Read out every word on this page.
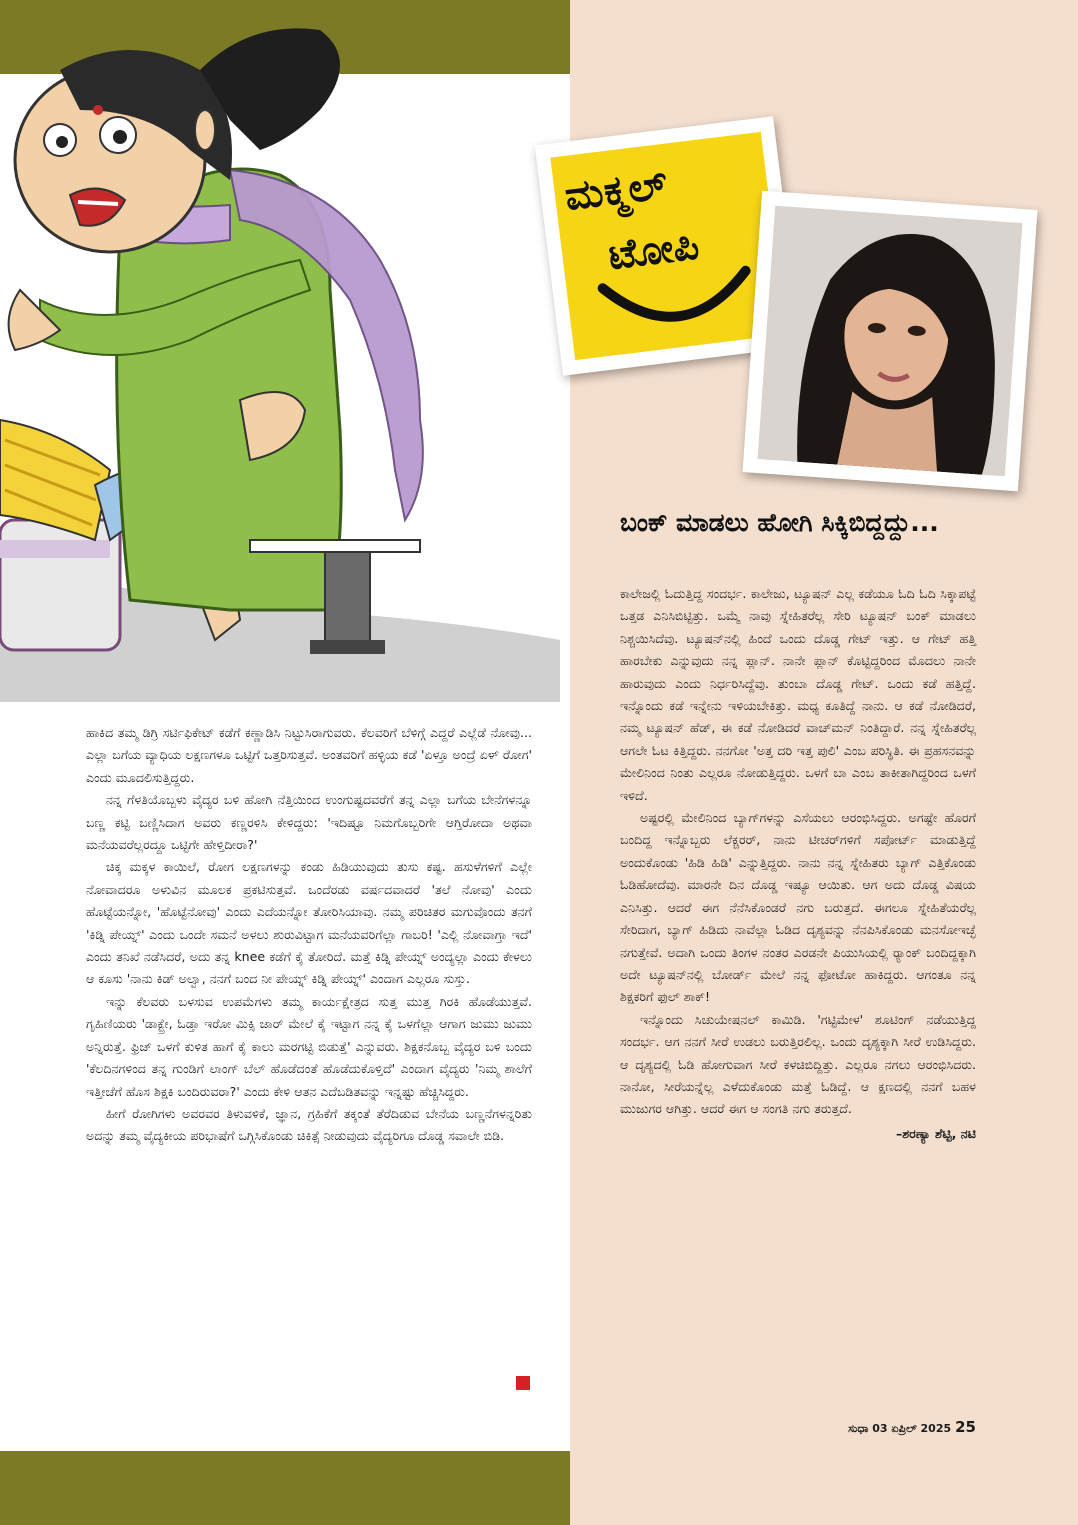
ಹಾಕಿದ ತಮ್ಮ ಡಿಗ್ರಿ ಸರ್ಟಿಫಿಕೇಟ್ ಕಡೆಗೆ ಕಣ್ಣಾಡಿಸಿ ನಿಟ್ಟುಸಿರಾಗುವರು. ಕೆಲವರಿಗೆ ಬೆಳಿಗ್ಗೆ ಎದ್ದರೆ ಎಲ್ಲೆಡೆ ನೋವು... ಎಲ್ಲಾ ಬಗೆಯ ವ್ಯಾಧಿಯ ಲಕ್ಷಣಗಳೂ ಒಟ್ಟಿಗೆ ಒತ್ತರಿಸುತ್ತವೆ. ಅಂತವರಿಗೆ ಹಳ್ಳಿಯ ಕಡೆ 'ಏಳ್ತೂ ಅಂದ್ರೆ ಏಳ್ ರೋಗ' ಎಂದು ಮೂದಲಿಸುತ್ತಿದ್ದರು.

ನನ್ನ ಗೆಳತಿಯೊಬ್ಬಳು ವೈದ್ಯರ ಬಳಿ ಹೋಗಿ ನೆತ್ತಿಯಿಂದ ಉಂಗುಷ್ಟದವರೆಗೆ ತನ್ನ ಎಲ್ಲಾ ಬಗೆಯ ಬೇನೆಗಳನ್ನೂ ಬಣ್ಣ ಕಟ್ಟಿ ಬಣ್ಣಿಸಿದಾಗ ಅವರು ಕಣ್ಣರಳಿಸಿ ಕೇಳಿದ್ದರು: 'ಇದಿಷ್ಟೂ ನಿಮಗೊಬ್ಬರಿಗೇ ಆಗ್ತಿರೋದಾ ಅಥವಾ ಮನೆಯವರೆಲ್ಲರದ್ದೂ ಒಟ್ಟಿಗೇ ಹೇಳ್ತಿದೀರಾ?'

ಚಿಕ್ಕ ಮಕ್ಕಳ ಕಾಯಿಲೆ, ರೋಗ ಲಕ್ಷಣಗಳನ್ನು ಕಂಡು ಹಿಡಿಯುವುದು ತುಸು ಕಷ್ಟ. ಹಸುಳೆಗಳಿಗೆ ಎಲ್ಲೇ ನೋವಾದರೂ ಅಳುವಿನ ಮೂಲಕ ಪ್ರಕಟಿಸುತ್ತವೆ. ಒಂದೆರಡು ವರ್ಷದವಾದರೆ 'ತಲೆ ನೋವು' ಎಂದು ಹೊಟ್ಟೆಯನ್ನೋ, 'ಹೊಟ್ಟೆನೋವು' ಎಂದು ಎದೆಯನ್ನೋ ತೋರಿಸಿಯಾವು. ನಮ್ಮ ಪರಿಚಿತರ ಮಗುವೊಂದು ತನಗೆ 'ಕಿಡ್ನಿ ಪೇಯ್ನ್' ಎಂದು ಒಂದೇ ಸಮನೆ ಅಳಲು ಶುರುವಿಟ್ಟಾಗ ಮನೆಯವರಿಗೆಲ್ಲಾ ಗಾಬರಿ! 'ಎಲ್ಲಿ ನೋವಾಗ್ತಾ ಇದೆ' ಎಂದು ತನಿಖೆ ನಡೆಸಿದರೆ, ಅದು ತನ್ನ knee ಕಡೆಗೆ ಕೈ ತೋರಿದೆ. ಮತ್ತೆ ಕಿಡ್ನಿ ಪೇಯ್ನ್ ಅಂದ್ಯಲ್ಲಾ ಎಂದು ಕೇಳಲು ಆ ಕೂಸು 'ನಾನು ಕಿಡ್ ಅಲ್ವಾ, ನನಗೆ ಬಂದ ನೀ ಪೇಯ್ನ್ ಕಿಡ್ನಿ ಪೇಯ್ನ್' ಎಂದಾಗ ಎಲ್ಲರೂ ಸುಸ್ತು.

ಇನ್ನು ಕೆಲವರು ಬಳಸುವ ಉಪಮೆಗಳು ತಮ್ಮ ಕಾರ್ಯಕ್ಷೇತ್ರದ ಸುತ್ತ ಮುತ್ತ ಗಿರಕಿ ಹೊಡೆಯುತ್ತವೆ. ಗೃಹಿಣಿಯರು 'ಡಾಕ್ಟ್ರೇ, ಓಡ್ತಾ ಇರೋ ಮಿಕ್ಸಿ ಜಾರ್ ಮೇಲೆ ಕೈ ಇಟ್ಟಾಗ ನನ್ನ ಕೈ ಒಳಗೆಲ್ಲಾ ಆಗಾಗ ಜುಮು ಜುಮು ಅನ್ನಿರುತ್ತೆ. ಫ್ರಿಜ್ ಒಳಗೆ ಕುಳಿತ ಹಾಗೆ ಕೈ ಕಾಲು ಮರಗಟ್ಟಿ ಬಿಡುತ್ತೆ' ಎನ್ನುವರು. ಶಿಕ್ಷಕನೊಬ್ಬ ವೈದ್ಯರ ಬಳಿ ಬಂದು 'ಕೆಲದಿನಗಳಿಂದ ತನ್ನ ಗುಂಡಿಗೆ ಲಾಂಗ್ ಬೆಲ್ ಹೊಡೆದಂತೆ ಹೊಡೆದುಕೊಳ್ತಿದೆ' ಎಂದಾಗ ವೈದ್ಯರು 'ನಿಮ್ಮ ಶಾಲೆಗೆ ಇತ್ತೀಚೆಗೆ ಹೊಸ ಶಿಕ್ಷಕಿ ಬಂದಿರುವರಾ?' ಎಂದು ಕೇಳಿ ಆತನ ಎದೆಬಡಿತವನ್ನು ಇನ್ನಷ್ಟು ಹೆಚ್ಚಿಸಿದ್ದರು.

ಹೀಗೆ ರೋಗಿಗಳು ಅವರವರ ತಿಳುವಳಿಕೆ, ಜ್ಞಾನ, ಗ್ರಹಿಕೆಗೆ ತಕ್ಕಂತೆ ತೆರೆದಿಡುವ ಬೇನೆಯ ಬಣ್ಣನೆಗಳನ್ನರಿತು ಅದನ್ನು ತಮ್ಮ ವೈದ್ಯಕೀಯ ಪರಿಭಾಷೆಗೆ ಒಗ್ಗಿಸಿಕೊಂಡು ಚಿಕಿತ್ಸೆ ನೀಡುವುದು ವೈದ್ಯರಿಗೂ ದೊಡ್ಡ ಸವಾಲೇ ಬಿಡಿ.

ಮಕ್ಮಲ್
ಟೋಪಿ
ಬಂಕ್ ಮಾಡಲು ಹೋಗಿ ಸಿಕ್ಕಿಬಿದ್ದದ್ದು...

ಕಾಲೇಜಲ್ಲಿ ಓದುತ್ತಿದ್ದ ಸಂದರ್ಭ. ಕಾಲೇಜು, ಟ್ಯೂಷನ್ ಎಲ್ಲ ಕಡೆಯೂ ಓದಿ ಓದಿ ಸಿಕ್ಕಾಪಟ್ಟೆ ಒತ್ತಡ ಎನಿಸಿಬಿಟ್ಟಿತ್ತು. ಒಮ್ಮೆ ನಾವು ಸ್ನೇಹಿತರೆಲ್ಲ ಸೇರಿ ಟ್ಯೂಷನ್ ಬಂಕ್ ಮಾಡಲು ನಿಶ್ಚಯಿಸಿದೆವು. ಟ್ಯೂಷನ್‌ನಲ್ಲಿ ಹಿಂದೆ ಒಂದು ದೊಡ್ಡ ಗೇಟ್ ಇತ್ತು. ಆ ಗೇಟ್ ಹತ್ತಿ ಹಾರಬೇಕು ಎನ್ನುವುದು ನನ್ನ ಪ್ಲಾನ್. ನಾನೇ ಪ್ಲಾನ್ ಕೊಟ್ಟಿದ್ದರಿಂದ ಮೊದಲು ನಾನೇ ಹಾರುವುದು ಎಂದು ನಿರ್ಧರಿಸಿದ್ದೆವು. ತುಂಬಾ ದೊಡ್ಡ ಗೇಟ್. ಒಂದು ಕಡೆ ಹತ್ತಿದ್ದೆ. ಇನ್ನೊಂದು ಕಡೆ ಇನ್ನೇನು ಇಳಿಯಬೇಕಿತ್ತು. ಮಧ್ಯ ಕೂತಿದ್ದೆ ನಾನು. ಆ ಕಡೆ ನೋಡಿದರೆ, ನಮ್ಮ ಟ್ಯೂಷನ್ ಹೆಡ್, ಈ ಕಡೆ ನೋಡಿದರೆ ವಾಚ್‌ಮನ್ ನಿಂತಿದ್ದಾರೆ. ನನ್ನ ಸ್ನೇಹಿತರೆಲ್ಲ ಆಗಲೇ ಓಟ ಕಿತ್ತಿದ್ದರು. ನನಗೋ 'ಅತ್ತ ದರಿ ಇತ್ತ ಪುಲಿ' ಎಂಬ ಪರಿಸ್ಥಿತಿ. ಈ ಪ್ರಹಸನವನ್ನು ಮೇಲಿನಿಂದ ನಿಂತು ಎಲ್ಲರೂ ನೋಡುತ್ತಿದ್ದರು. ಒಳಗೆ ಬಾ ಎಂಬ ತಾಕೀತಾಗಿದ್ದರಿಂದ ಒಳಗೆ ಇಳಿದೆ.

ಅಷ್ಟರಲ್ಲಿ ಮೇಲಿನಿಂದ ಬ್ಯಾಗ್‌ಗಳನ್ನು ಎಸೆಯಲು ಆರಂಭಿಸಿದ್ದರು. ಅಗಷ್ಟೇ ಹೊರಗೆ ಬಂದಿದ್ದ ಇನ್ನೊಬ್ಬರು ಲೆಕ್ಚರರ್, ನಾನು ಟೀಚರ್‌ಗಳಿಗೆ ಸಪೋರ್ಟ್ ಮಾಡುತ್ತಿದ್ದೆ ಅಂದುಕೊಂಡು 'ಹಿಡಿ ಹಿಡಿ' ಎನ್ನುತ್ತಿದ್ದರು. ನಾನು ನನ್ನ ಸ್ನೇಹಿತರು ಬ್ಯಾಗ್ ಎತ್ತಿಕೊಂಡು ಓಡಿಹೋದೆವು. ಮಾರನೇ ದಿನ ದೊಡ್ಡ ಇಷ್ಯೂ ಆಯಿತು. ಆಗ ಅದು ದೊಡ್ಡ ವಿಷಯ ಎನಿಸಿತ್ತು. ಆದರೆ ಈಗ ನೆನೆಸಿಕೊಂಡರೆ ನಗು ಬರುತ್ತದೆ. ಈಗಲೂ ಸ್ನೇಹಿತೆಯರೆಲ್ಲ ಸೇರಿದಾಗ, ಬ್ಯಾಗ್ ಹಿಡಿದು ನಾವೆಲ್ಲಾ ಓಡಿದ ದೃಶ್ಯವನ್ನು ನೆನಪಿಸಿಕೊಂಡು ಮನಸೋಇಚ್ಛೆ ನಗುತ್ತೇವೆ. ಅದಾಗಿ ಒಂದು ತಿಂಗಳ ನಂತರ ಎರಡನೇ ಪಿಯುಸಿಯಲ್ಲಿ ರ್‍ಯಾಂಕ್ ಬಂದಿದ್ದಕ್ಕಾಗಿ ಅದೇ ಟ್ಯೂಷನ್‌ನಲ್ಲಿ ಬೋರ್ಡ್ ಮೇಲೆ ನನ್ನ ಫೋಟೋ ಹಾಕಿದ್ದರು. ಆಗಂತೂ ನನ್ನ ಶಿಕ್ಷಕರಿಗೆ ಫುಲ್ ಶಾಕ್!

ಇನ್ನೊಂದು ಸಿಚುಯೇಷನಲ್ ಕಾಮಿಡಿ. 'ಗಟ್ಟಿಮೇಳ' ಶೂಟಿಂಗ್ ನಡೆಯುತ್ತಿದ್ದ ಸಂದರ್ಭ. ಆಗ ನನಗೆ ಸೀರೆ ಉಡಲು ಬರುತ್ತಿರಲಿಲ್ಲ. ಒಂದು ದೃಶ್ಯಕ್ಕಾಗಿ ಸೀರೆ ಉಡಿಸಿದ್ದರು. ಆ ದೃಶ್ಯದಲ್ಲಿ ಓಡಿ ಹೋಗುವಾಗ ಸೀರೆ ಕಳಚಿಬಿದ್ದಿತ್ತು. ಎಲ್ಲರೂ ನಗಲು ಆರಂಭಿಸಿದರು. ನಾನೋ, ಸೀರೆಯನ್ನೆಲ್ಲ ಎಳೆದುಕೊಂಡು ಮತ್ತೆ ಓಡಿದ್ದೆ. ಆ ಕ್ಷಣದಲ್ಲಿ ನನಗೆ ಬಹಳ ಮುಜುಗರ ಆಗಿತ್ತು. ಆದರೆ ಈಗ ಆ ಸಂಗತಿ ನಗು ತರುತ್ತದೆ.

–ಶರಣ್ಯಾ ಶೆಟ್ಟಿ, ನಟಿ
ಸುಧಾ 03 ಏಪ್ರಿಲ್ 2025 25
